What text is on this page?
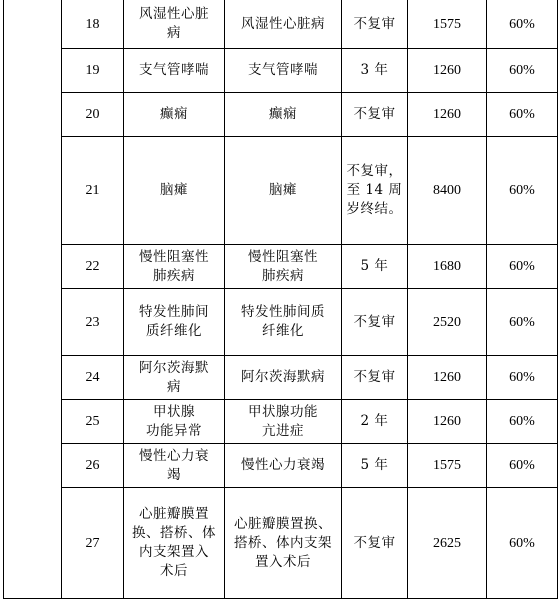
	18	风湿性心脏
病	风湿性心脏病	不复审	1575	60%
	19	支气管哮喘	支气管哮喘	3 年	1260	60%
	20	癫痫	癫痫	不复审	1260	60%
	21	脑瘫	脑瘫	不复审，
至 14 周
岁终结。	8400	60%
	22	慢性阻塞性
肺疾病	慢性阻塞性
肺疾病	5 年	1680	60%
	23	特发性肺间
质纤维化	特发性肺间质
纤维化	不复审	2520	60%
	24	阿尔茨海默
病	阿尔茨海默病	不复审	1260	60%
	25	甲状腺
功能异常	甲状腺功能
亢进症	2 年	1260	60%
	26	慢性心力衰
竭	慢性心力衰竭	5 年	1575	60%
	27	心脏瓣膜置
换、搭桥、体
内支架置入
术后	心脏瓣膜置换、
搭桥、体内支架
置入术后	不复审	2625	60%
